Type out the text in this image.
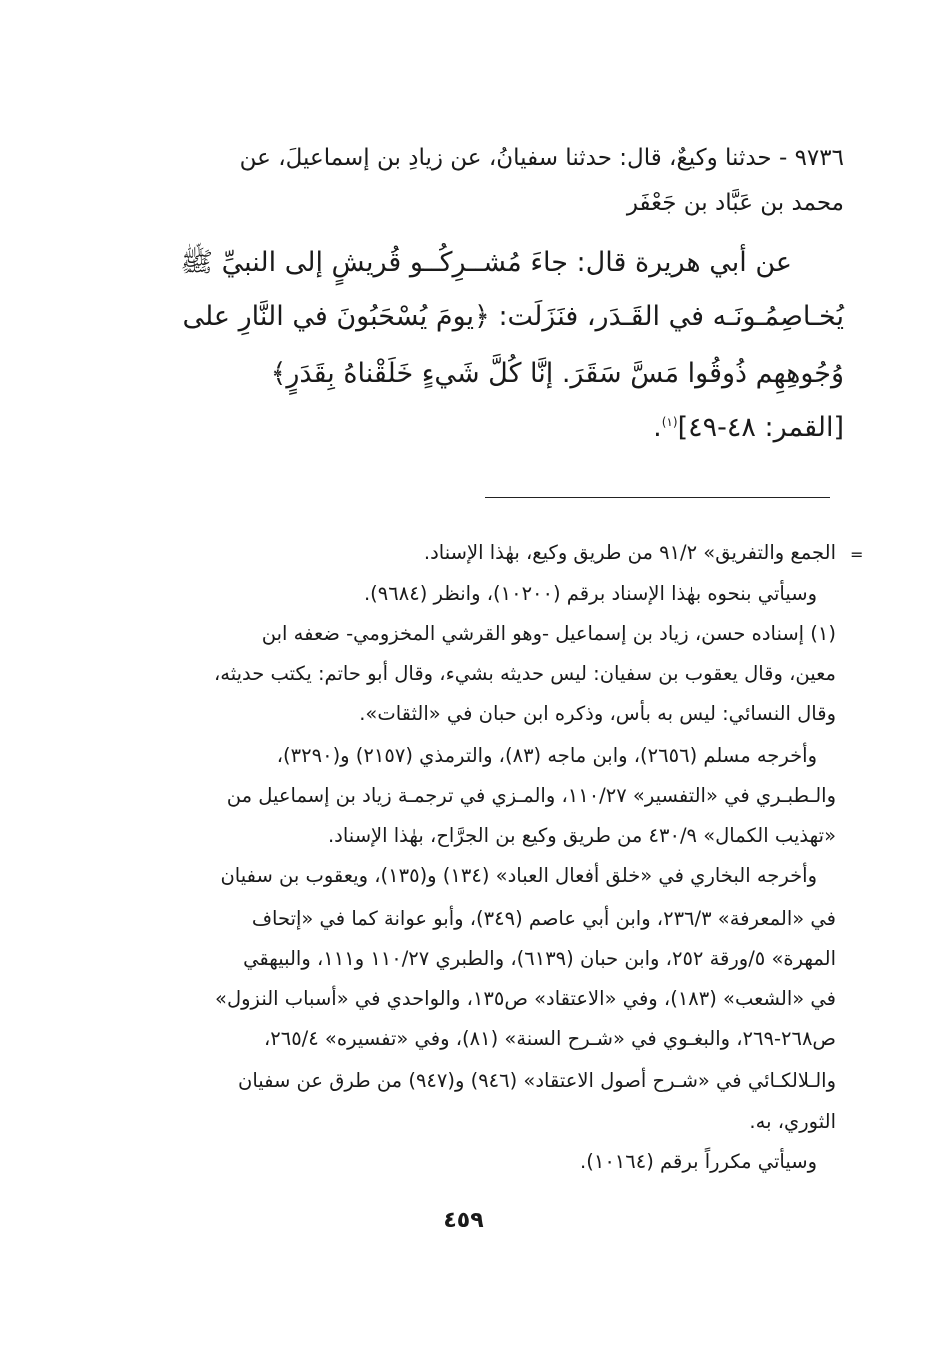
٩٧٣٦ - حدثنا وكيعٌ، قال: حدثنا سفيانُ، عن زيادِ بن إسماعيلَ، عن
محمد بن عَبَّاد بن جَعْفَر
عن أبي هريرة قال: جاءَ مُشــرِكُــو قُريشٍ إلى النبيِّ ﷺ
يُخـاصِمُـونَـه في القَـدَر، فنَزَلَت: ﴿يومَ يُسْحَبُونَ في النَّارِ على
وُجُوهِهِم ذُوقُوا مَسَّ سَقَرَ. إنَّا كُلَّ شَيءٍ خَلَقْناهُ بِقَدَرٍ﴾
[القمر: ٤٨-٤٩]$^{(١)}$.
=
الجمع والتفريق» ٩١/٢ من طريق وكيع، بهٰذا الإسناد.
وسيأتي بنحوه بهٰذا الإسناد برقم (١٠٢٠٠)، وانظر (٩٦٨٤).
(١) إسناده حسن، زياد بن إسماعيل -وهو القرشي المخزومي- ضعفه ابن
معين، وقال يعقوب بن سفيان: ليس حديثه بشيء، وقال أبو حاتم: يكتب حديثه،
وقال النسائي: ليس به بأس، وذكره ابن حبان في «الثقات».
وأخرجه مسلم (٢٦٥٦)، وابن ماجه (٨٣)، والترمذي (٢١٥٧) و(٣٢٩٠)،
والـطبـري في «التفسير» ١١٠/٢٧، والمـزي في ترجمـة زياد بن إسماعيل من
«تهذيب الكمال» ٤٣٠/٩ من طريق وكيع بن الجرَّاح، بهٰذا الإسناد.
وأخرجه البخاري في «خلق أفعال العباد» (١٣٤) و(١٣٥)، ويعقوب بن سفيان
في «المعرفة» ٢٣٦/٣، وابن أبي عاصم (٣٤٩)، وأبو عوانة كما في «إتحاف
المهرة» ٥/ورقة ٢٥٢، وابن حبان (٦١٣٩)، والطبري ١١٠/٢٧ و١١١، والبيهقي
في «الشعب» (١٨٣)، وفي «الاعتقاد» ص١٣٥، والواحدي في «أسباب النزول»
ص٢٦٨-٢٦٩، والبغـوي في «شـرح السنة» (٨١)، وفي «تفسيره» ٢٦٥/٤،
والـلالكـائي في «شـرح أصول الاعتقاد» (٩٤٦) و(٩٤٧) من طرق عن سفيان
الثوري، به.
وسيأتي مكرراً برقم (١٠١٦٤).
٤٥٩
